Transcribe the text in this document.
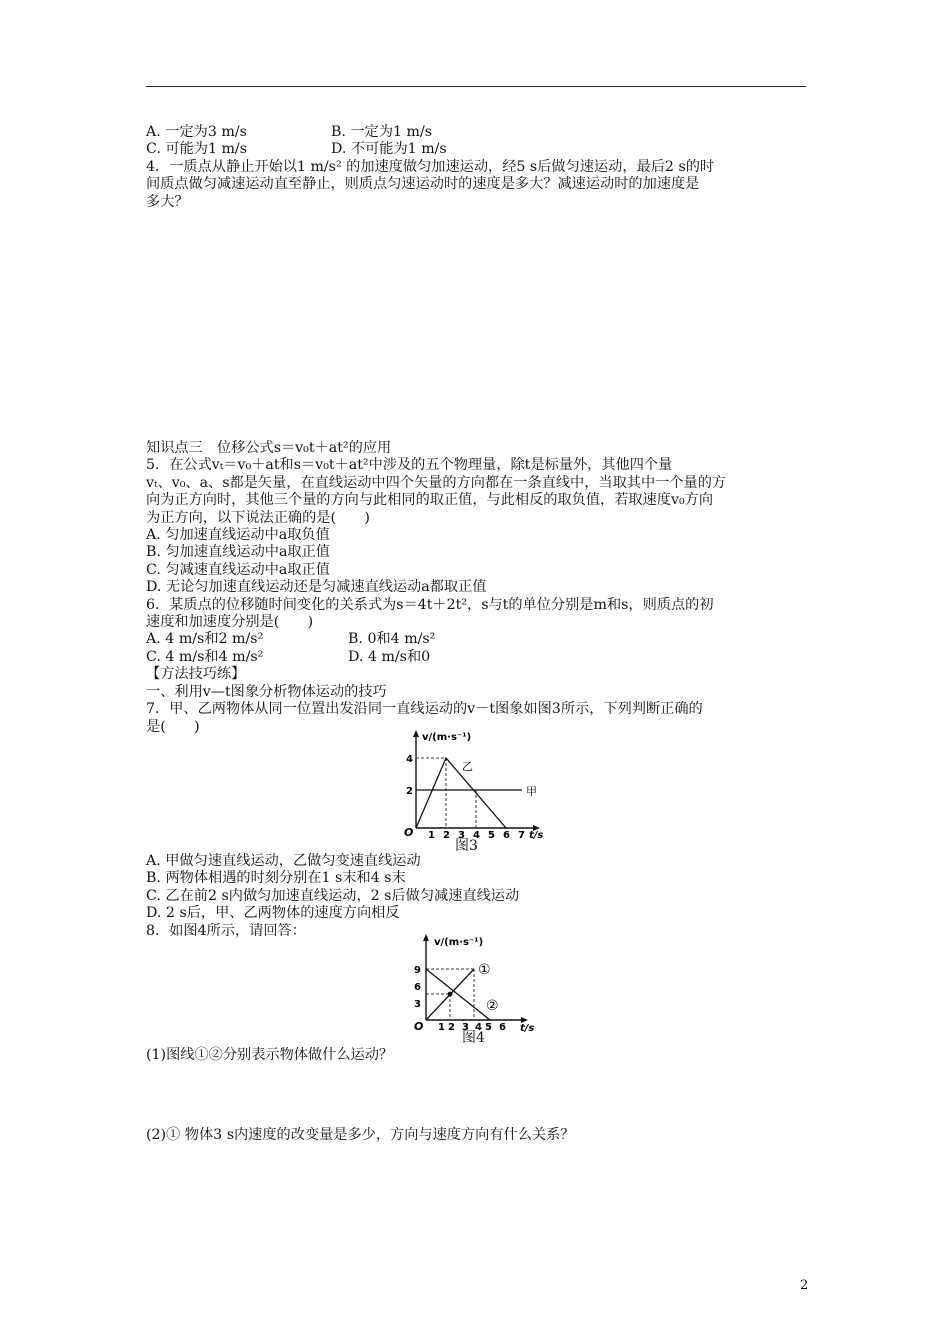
A. 一定为3 m/s	B. 一定为1 m/s
C. 可能为1 m/s	D. 不可能为1 m/s
4．一质点从静止开始以1 m/s² 的加速度做匀加速运动，经5 s后做匀速运动，最后2 s的时
间质点做匀减速运动直至静止，则质点匀速运动时的速度是多大？减速运动时的加速度是
多大？
知识点三　位移公式s＝v₀t＋at²的应用
5．在公式vₜ＝v₀＋at和s＝v₀t＋at²中涉及的五个物理量，除t是标量外，其他四个量
vₜ、v₀、a、s都是矢量，在直线运动中四个矢量的方向都在一条直线中，当取其中一个量的方
向为正方向时，其他三个量的方向与此相同的取正值，与此相反的取负值，若取速度v₀方向
为正方向，以下说法正确的是(　　)
A. 匀加速直线运动中a取负值
B. 匀加速直线运动中a取正值
C. 匀减速直线运动中a取正值
D. 无论匀加速直线运动还是匀减速直线运动a都取正值
6．某质点的位移随时间变化的关系式为s＝4t＋2t²，s与t的单位分别是m和s，则质点的初
速度和加速度分别是(　　)
A. 4 m/s和2 m/s²	B. 0和4 m/s²
C. 4 m/s和4 m/s²	D. 4 m/s和0
【方法技巧练】
一、利用v—t图象分析物体运动的技巧
7．甲、乙两物体从同一位置出发沿同一直线运动的v－t图象如图3所示，下列判断正确的
是(　　)
v/(m·s⁻¹)
t/s
O
4
2
1 2 3 4 5 6 7
甲
乙
图3
A. 甲做匀速直线运动，乙做匀变速直线运动
B. 两物体相遇的时刻分别在1 s末和4 s末
C. 乙在前2 s内做匀加速直线运动，2 s后做匀减速直线运动
D. 2 s后，甲、乙两物体的速度方向相反
8．如图4所示，请回答：
v/(m·s⁻¹)
t/s
O
9
6
3
1 2 3 4 5 6
①
②
图4
(1)图线①②分别表示物体做什么运动？
(2)① 物体3 s内速度的改变量是多少，方向与速度方向有什么关系？
2
